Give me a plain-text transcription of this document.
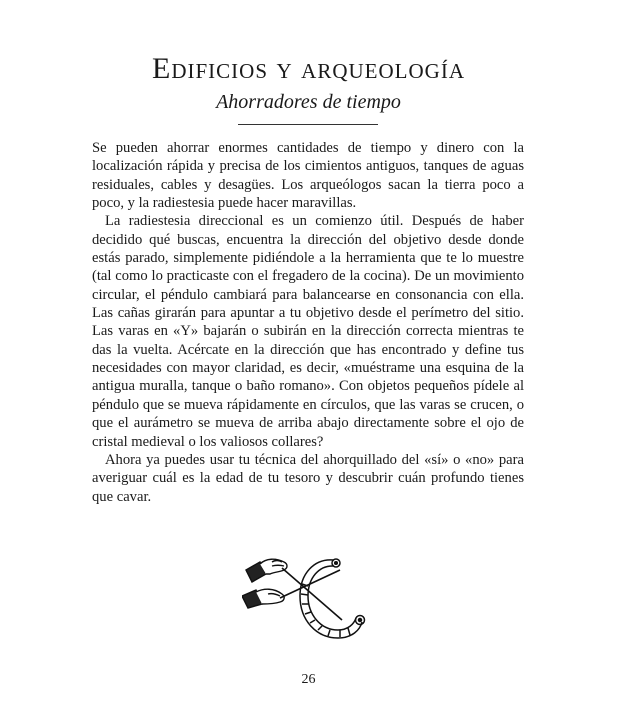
Edificios y arqueología
Ahorradores de tiempo

Se pueden ahorrar enormes cantidades de tiempo y dinero con la localización rápida y precisa de los cimientos antiguos, tanques de aguas residuales, cables y desagües. Los arqueólogos sacan la tierra poco a poco, y la radiestesia puede hacer maravillas.

La radiestesia direccional es un comienzo útil. Después de haber decidido qué buscas, encuentra la dirección del objetivo desde donde estás parado, simplemente pidiéndole a la herramienta que te lo muestre (tal como lo practicaste con el fregadero de la cocina). De un movimiento circular, el péndulo cambiará para balancearse en consonancia con ella. Las cañas girarán para apuntar a tu objetivo desde el perímetro del sitio. Las varas en «Y» bajarán o subirán en la dirección correcta mientras te das la vuelta. Acércate en la dirección que has encontrado y define tus necesidades con mayor claridad, es decir, «muéstrame una esquina de la antigua muralla, tanque o baño romano». Con objetos pequeños pídele al péndulo que se mueva rápidamente en círculos, que las varas se crucen, o que el aurámetro se mueva de arriba abajo directamente sobre el ojo de cristal medieval o los valiosos collares?

Ahora ya puedes usar tu técnica del ahorquillado del «sí» o «no» para averiguar cuál es la edad de tu tesoro y descubrir cuán profundo tienes que cavar.

26
